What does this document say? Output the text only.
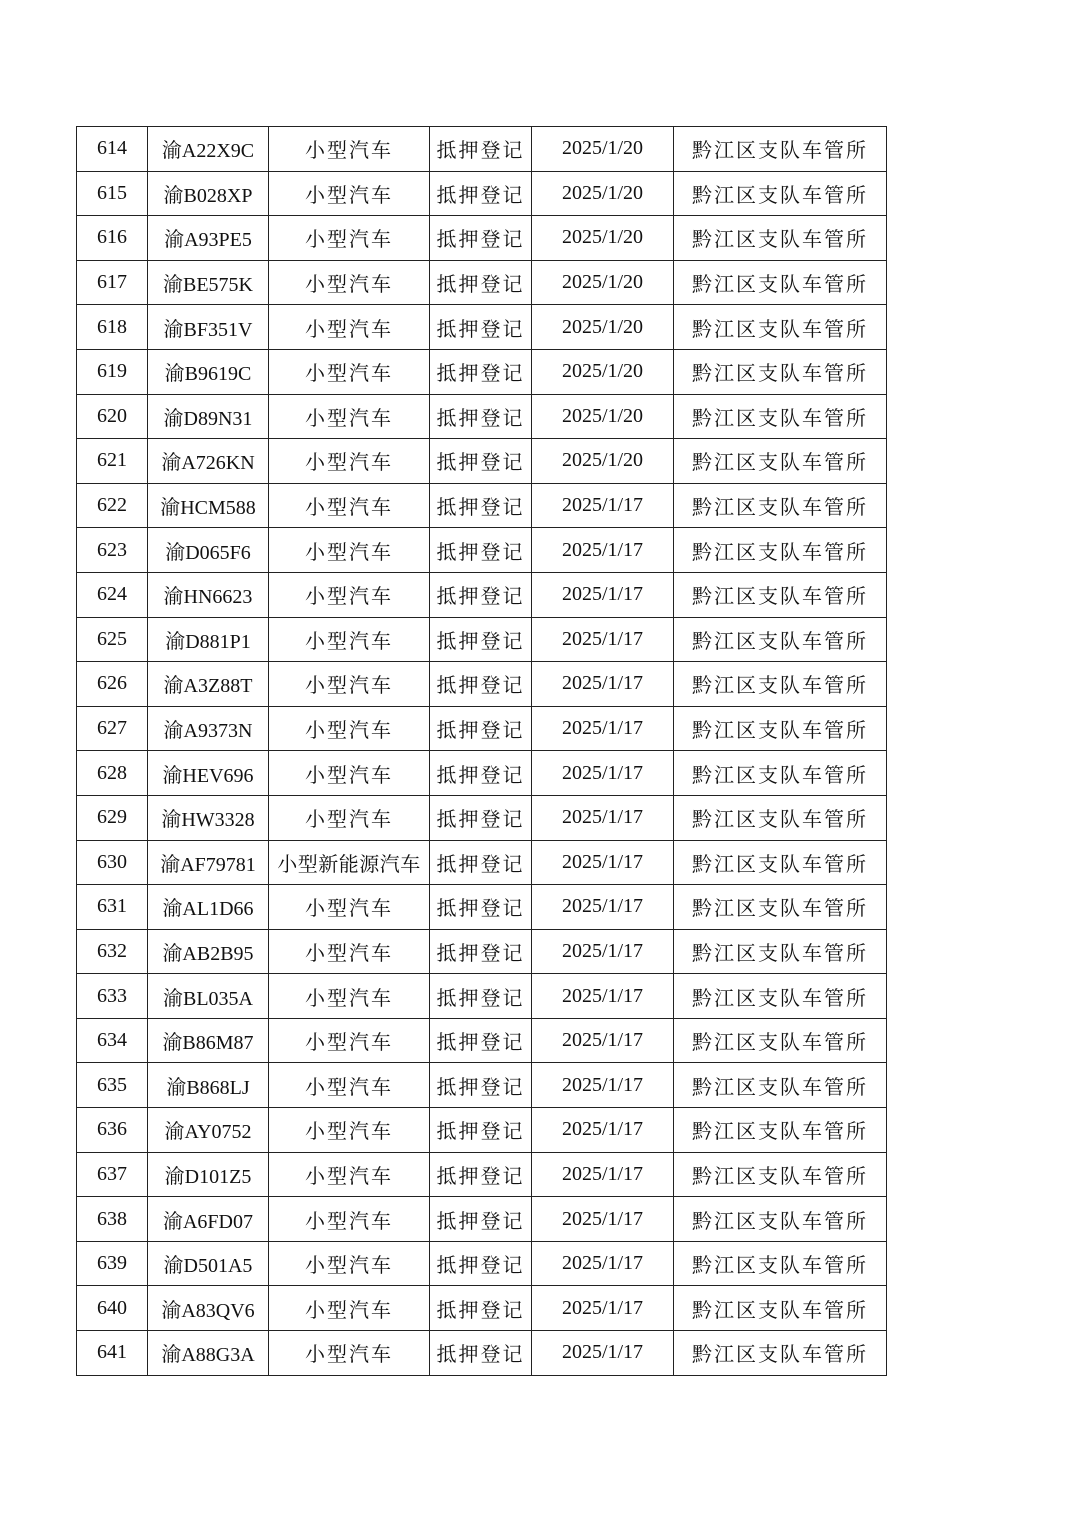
614	渝A22X9C	小型汽车	抵押登记	2025/1/20	黔江区支队车管所
615	渝B028XP	小型汽车	抵押登记	2025/1/20	黔江区支队车管所
616	渝A93PE5	小型汽车	抵押登记	2025/1/20	黔江区支队车管所
617	渝BE575K	小型汽车	抵押登记	2025/1/20	黔江区支队车管所
618	渝BF351V	小型汽车	抵押登记	2025/1/20	黔江区支队车管所
619	渝B9619C	小型汽车	抵押登记	2025/1/20	黔江区支队车管所
620	渝D89N31	小型汽车	抵押登记	2025/1/20	黔江区支队车管所
621	渝A726KN	小型汽车	抵押登记	2025/1/20	黔江区支队车管所
622	渝HCM588	小型汽车	抵押登记	2025/1/17	黔江区支队车管所
623	渝D065F6	小型汽车	抵押登记	2025/1/17	黔江区支队车管所
624	渝HN6623	小型汽车	抵押登记	2025/1/17	黔江区支队车管所
625	渝D881P1	小型汽车	抵押登记	2025/1/17	黔江区支队车管所
626	渝A3Z88T	小型汽车	抵押登记	2025/1/17	黔江区支队车管所
627	渝A9373N	小型汽车	抵押登记	2025/1/17	黔江区支队车管所
628	渝HEV696	小型汽车	抵押登记	2025/1/17	黔江区支队车管所
629	渝HW3328	小型汽车	抵押登记	2025/1/17	黔江区支队车管所
630	渝AF79781	小型新能源汽车	抵押登记	2025/1/17	黔江区支队车管所
631	渝AL1D66	小型汽车	抵押登记	2025/1/17	黔江区支队车管所
632	渝AB2B95	小型汽车	抵押登记	2025/1/17	黔江区支队车管所
633	渝BL035A	小型汽车	抵押登记	2025/1/17	黔江区支队车管所
634	渝B86M87	小型汽车	抵押登记	2025/1/17	黔江区支队车管所
635	渝B868LJ	小型汽车	抵押登记	2025/1/17	黔江区支队车管所
636	渝AY0752	小型汽车	抵押登记	2025/1/17	黔江区支队车管所
637	渝D101Z5	小型汽车	抵押登记	2025/1/17	黔江区支队车管所
638	渝A6FD07	小型汽车	抵押登记	2025/1/17	黔江区支队车管所
639	渝D501A5	小型汽车	抵押登记	2025/1/17	黔江区支队车管所
640	渝A83QV6	小型汽车	抵押登记	2025/1/17	黔江区支队车管所
641	渝A88G3A	小型汽车	抵押登记	2025/1/17	黔江区支队车管所
